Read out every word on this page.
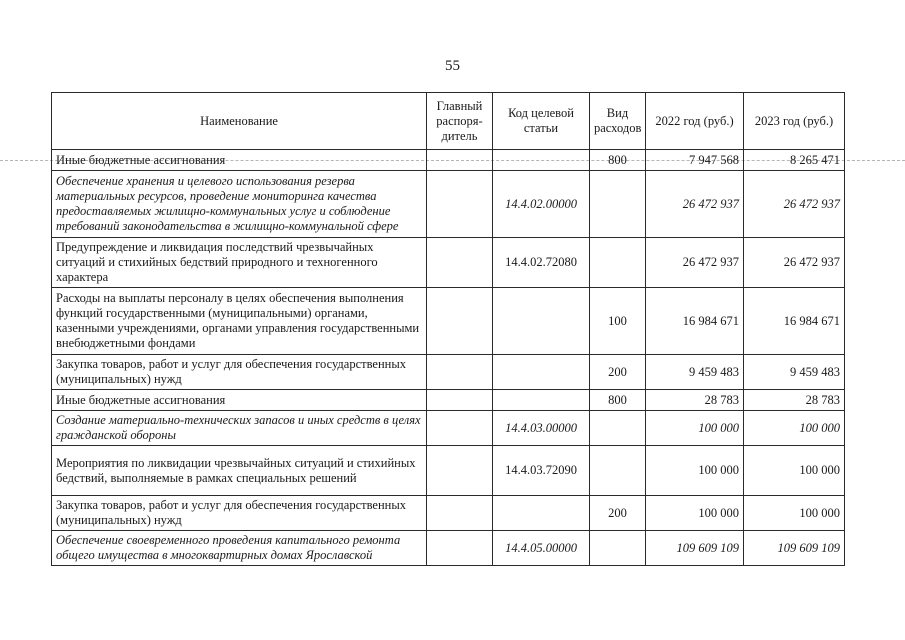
55
Наименование	Главный распоря-дитель	Код целевой статьи	Вид расходов	2022 год (руб.)	2023 год (руб.)
Иные бюджетные ассигнования			800	7 947 568	8 265 471
Обеспечение хранения и целевого использования резерва материальных ресурсов, проведение мониторинга качества предоставляемых жилищно-коммунальных услуг и соблюдение требований законодательства в жилищно-коммунальной сфере		14.4.02.00000		26 472 937	26 472 937
Предупреждение и ликвидация последствий чрезвычайных ситуаций и стихийных бедствий природного и техногенного характера		14.4.02.72080		26 472 937	26 472 937
Расходы на выплаты персоналу в целях обеспечения выполнения функций государственными (муниципальными) органами, казенными учреждениями, органами управления государственными внебюджетными фондами			100	16 984 671	16 984 671
Закупка товаров, работ и услуг для обеспечения государственных (муниципальных) нужд			200	9 459 483	9 459 483
Иные бюджетные ассигнования			800	28 783	28 783
Создание материально-технических запасов и иных средств в целях гражданской обороны		14.4.03.00000		100 000	100 000
Мероприятия по ликвидации чрезвычайных ситуаций и стихийных бедствий, выполняемые в рамках специальных решений		14.4.03.72090		100 000	100 000
Закупка товаров, работ и услуг для обеспечения государственных (муниципальных) нужд			200	100 000	100 000
Обеспечение своевременного проведения капитального ремонта общего имущества в многоквартирных домах Ярославской		14.4.05.00000		109 609 109	109 609 109
